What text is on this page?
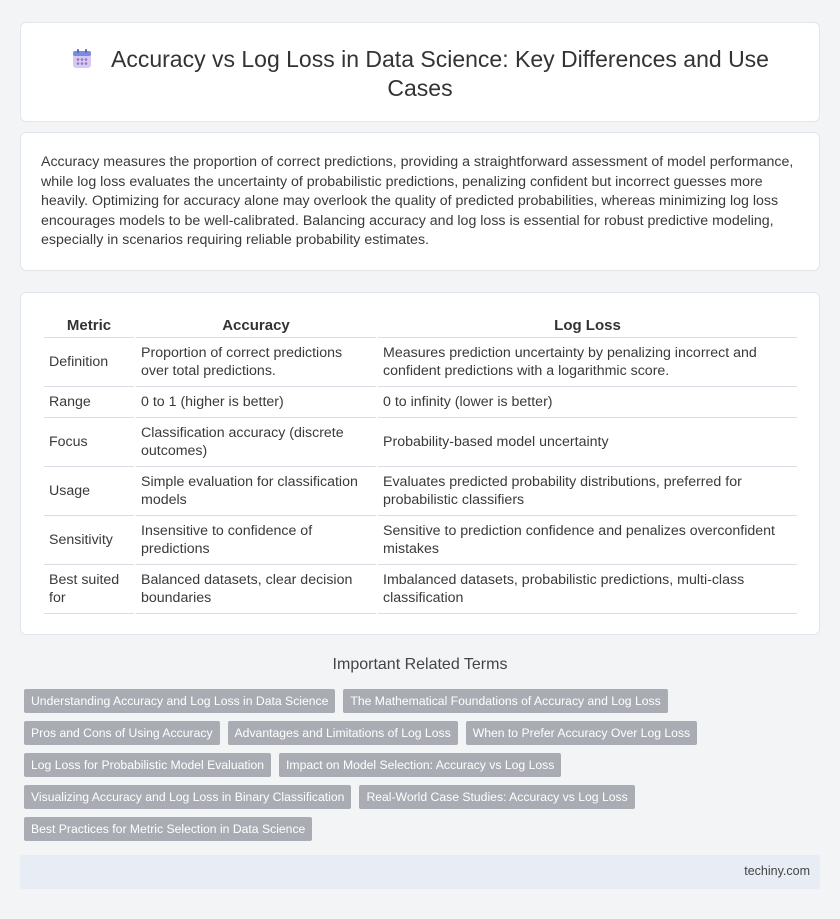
Accuracy vs Log Loss in Data Science: Key Differences and Use Cases

Accuracy measures the proportion of correct predictions, providing a straightforward assessment of model performance, while log loss evaluates the uncertainty of probabilistic predictions, penalizing confident but incorrect guesses more heavily. Optimizing for accuracy alone may overlook the quality of predicted probabilities, whereas minimizing log loss encourages models to be well-calibrated. Balancing accuracy and log loss is essential for robust predictive modeling, especially in scenarios requiring reliable probability estimates.

Metric	Accuracy	Log Loss
Definition	Proportion of correct predictions over total predictions.	Measures prediction uncertainty by penalizing incorrect and confident predictions with a logarithmic score.
Range	0 to 1 (higher is better)	0 to infinity (lower is better)
Focus	Classification accuracy (discrete outcomes)	Probability-based model uncertainty
Usage	Simple evaluation for classification models	Evaluates predicted probability distributions, preferred for probabilistic classifiers
Sensitivity	Insensitive to confidence of predictions	Sensitive to prediction confidence and penalizes overconfident mistakes
Best suited for	Balanced datasets, clear decision boundaries	Imbalanced datasets, probabilistic predictions, multi-class classification
Important Related Terms
Understanding Accuracy and Log Loss in Data Science	The Mathematical Foundations of Accuracy and Log Loss
Pros and Cons of Using Accuracy	Advantages and Limitations of Log Loss	When to Prefer Accuracy Over Log Loss
Log Loss for Probabilistic Model Evaluation	Impact on Model Selection: Accuracy vs Log Loss
Visualizing Accuracy and Log Loss in Binary Classification	Real-World Case Studies: Accuracy vs Log Loss
Best Practices for Metric Selection in Data Science
techiny.com
